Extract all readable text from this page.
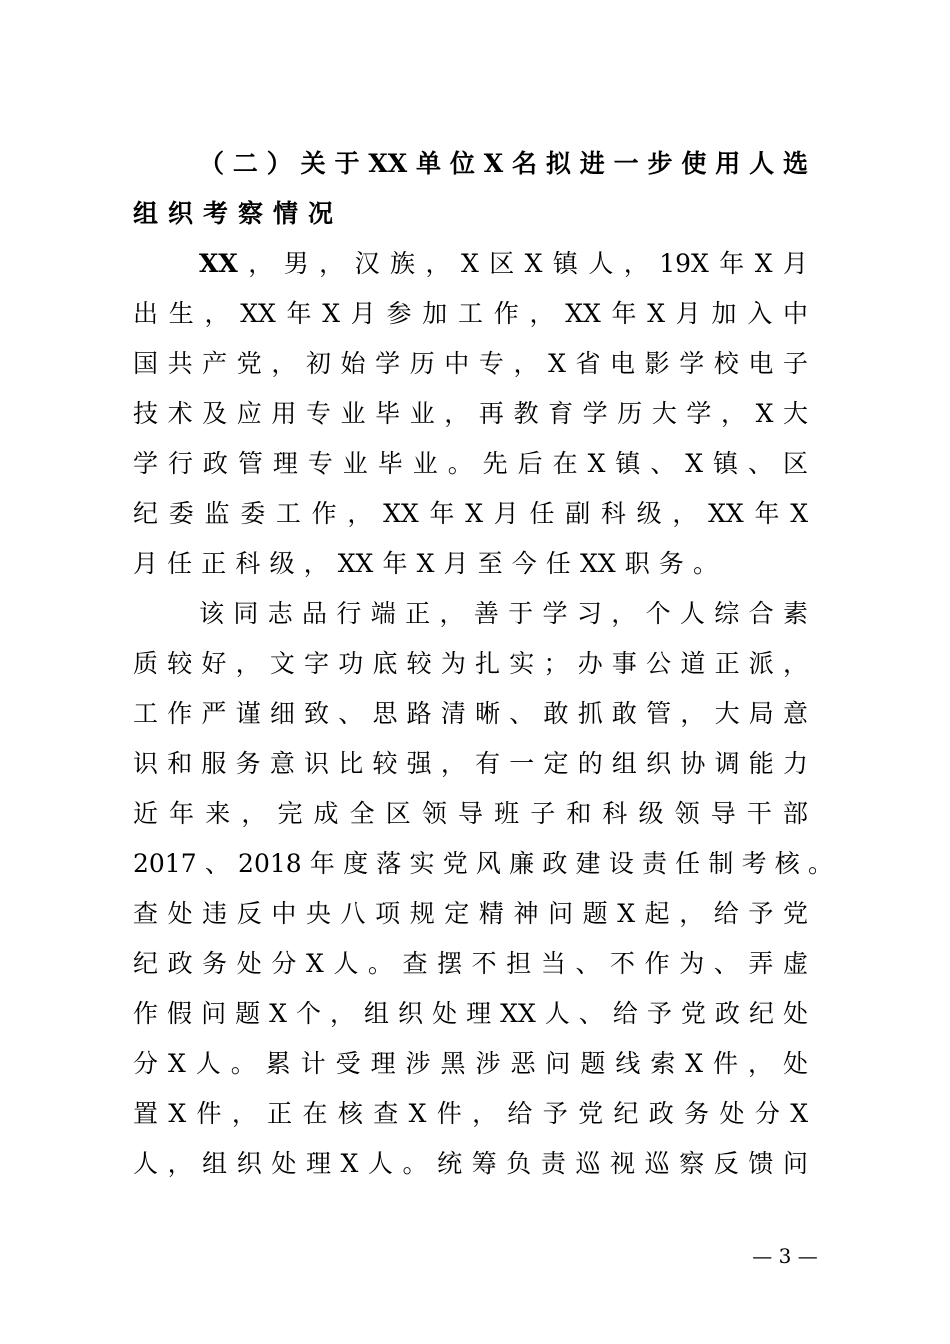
（二）关于XX单位X名拟进一步使用人选
组织考察情况
XX，男，汉族，X区X镇人，19X年X月
出生，XX年X月参加工作，XX年X月加入中
国共产党，初始学历中专，X省电影学校电子
技术及应用专业毕业，再教育学历大学，X大
学行政管理专业毕业。先后在X镇、X镇、区
纪委监委工作，XX年X月任副科级，XX年X
月任正科级，XX年X月至今任XX职务。
该同志品行端正，善于学习，个人综合素
质较好，文字功底较为扎实；办事公道正派，
工作严谨细致、思路清晰、敢抓敢管，大局意
识和服务意识比较强，有一定的组织协调能力
近年来，完成全区领导班子和科级领导干部
2017、2018年度落实党风廉政建设责任制考核。
查处违反中央八项规定精神问题X起，给予党
纪政务处分X人。查摆不担当、不作为、弄虚
作假问题X个，组织处理XX人、给予党政纪处
分X人。累计受理涉黑涉恶问题线索X件，处
置X件，正在核查X件，给予党纪政务处分X
人，组织处理X人。统筹负责巡视巡察反馈问
— 3 —
